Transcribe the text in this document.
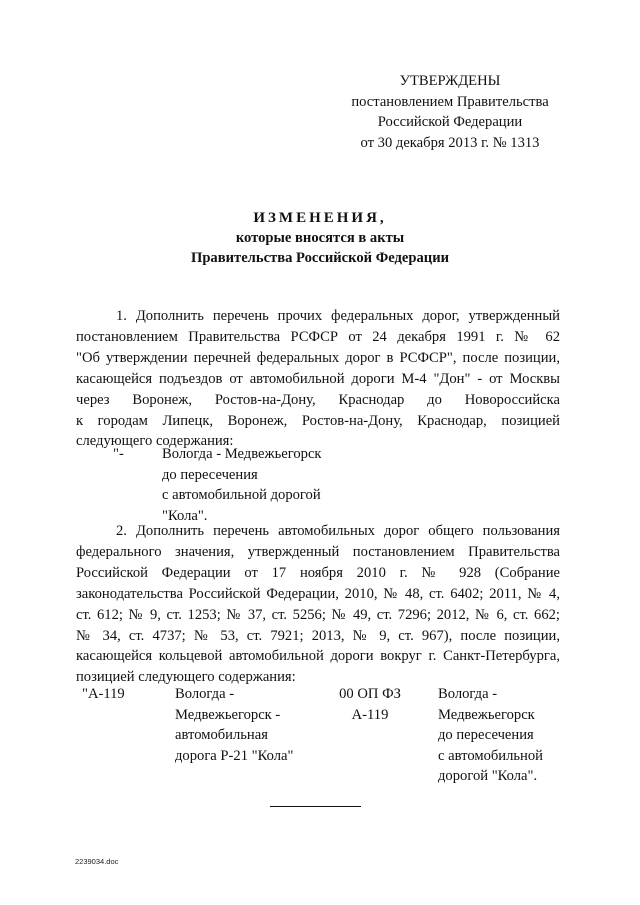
УТВЕРЖДЕНЫ
постановлением Правительства
Российской Федерации
от 30 декабря 2013 г. № 1313
ИЗМЕНЕНИЯ,
которые вносятся в акты
Правительства Российской Федерации
1. Дополнить перечень прочих федеральных дорог, утвержденный
постановлением Правительства РСФСР от 24 декабря 1991 г. № 62
"Об утверждении перечней федеральных дорог в РСФСР", после позиции,
касающейся подъездов от автомобильной дороги М-4 "Дон" - от Москвы
через Воронеж, Ростов-на-Дону, Краснодар до Новороссийска
к городам Липецк, Воронеж, Ростов-на-Дону, Краснодар, позицией
следующего содержания:
"-	Вологда - Медвежьегорск
до пересечения
с автомобильной дорогой
"Кола".
2. Дополнить перечень автомобильных дорог общего пользования
федерального значения, утвержденный постановлением Правительства
Российской Федерации от 17 ноября 2010 г. № 928 (Собрание
законодательства Российской Федерации, 2010, № 48, ст. 6402; 2011, № 4,
ст. 612; № 9, ст. 1253; № 37, ст. 5256; № 49, ст. 7296; 2012, № 6, ст. 662;
№ 34, ст. 4737; № 53, ст. 7921; 2013, № 9, ст. 967), после позиции,
касающейся кольцевой автомобильной дороги вокруг г. Санкт-Петербурга,
позицией следующего содержания:
"А-119	Вологда -
Медвежьегорск -
автомобильная
дорога Р-21 "Кола"
00 ОП ФЗ
А-119
Вологда -
Медвежьегорск
до пересечения
с автомобильной
дорогой "Кола".
2239034.doc
